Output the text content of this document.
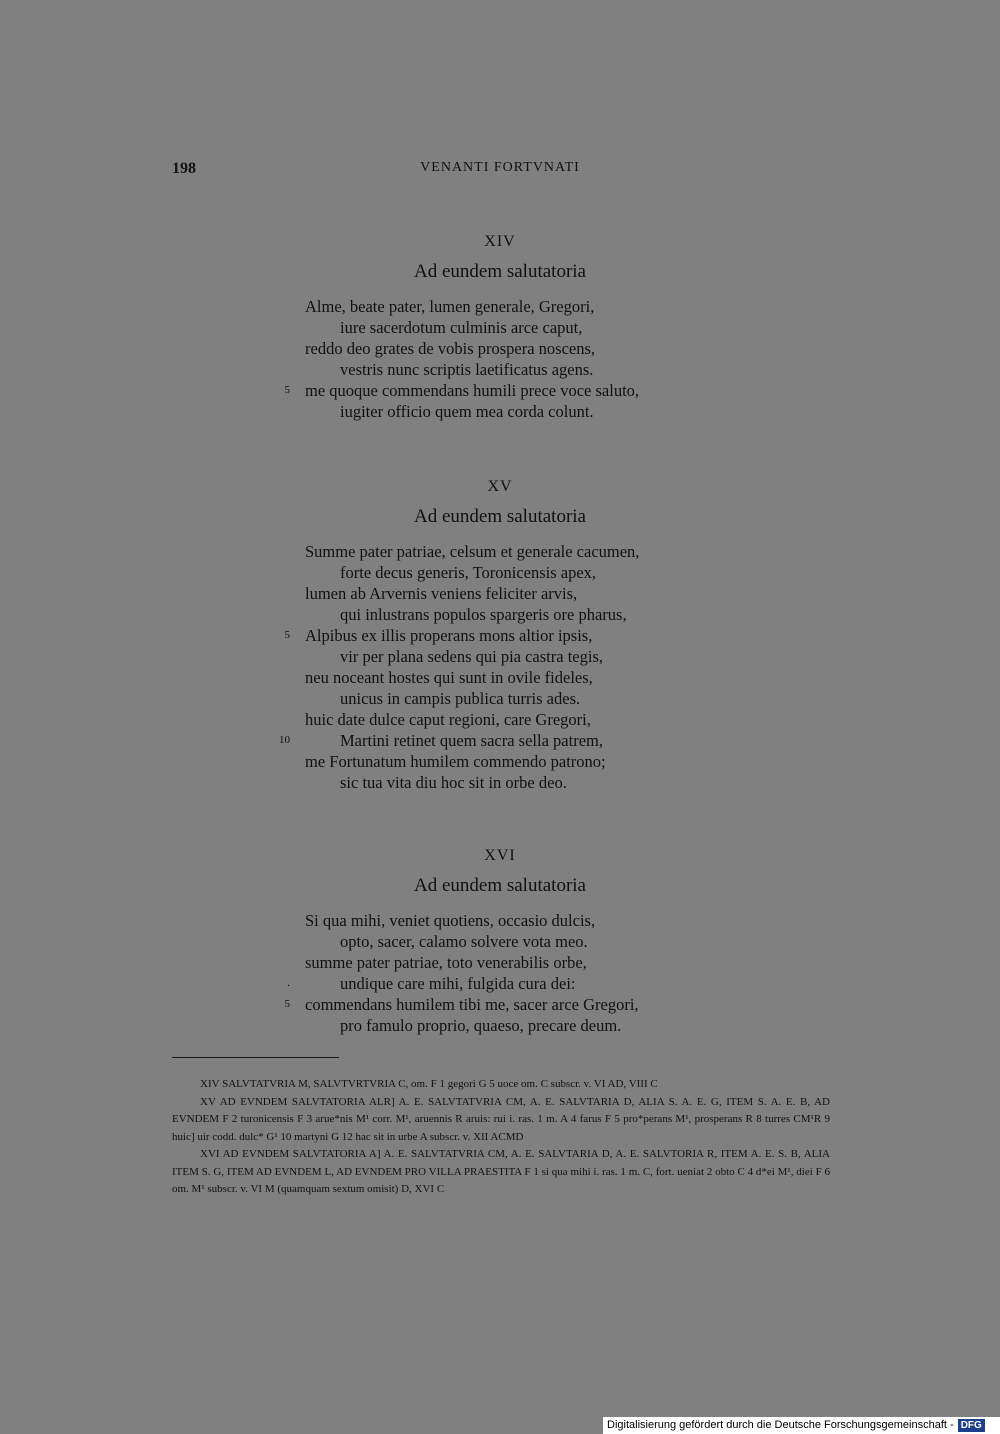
198	VENANTI FORTVNATI
XIV
Ad eundem salutatoria
Alme, beate pater, lumen generale, Gregori,
iure sacerdotum culminis arce caput,
reddo deo grates de vobis prospera noscens,
vestris nunc scriptis laetificatus agens.
5 me quoque commendans humili prece voce saluto,
iugiter officio quem mea corda colunt.
XV
Ad eundem salutatoria
Summe pater patriae, celsum et generale cacumen,
forte decus generis, Toronicensis apex,
lumen ab Arvernis veniens feliciter arvis,
qui inlustrans populos spargeris ore pharus,
5 Alpibus ex illis properans mons altior ipsis,
vir per plana sedens qui pia castra tegis,
neu noceant hostes qui sunt in ovile fideles,
unicus in campis publica turris ades.
huic date dulce caput regioni, care Gregori,
10	Martini retinet quem sacra sella patrem,
me Fortunatum humilem commendo patrono;
sic tua vita diu hoc sit in orbe deo.
XVI
Ad eundem salutatoria
Si qua mihi, veniet quotiens, occasio dulcis,
opto, sacer, calamo solvere vota meo.
summe pater patriae, toto venerabilis orbe,
.	undique care mihi, fulgida cura dei:
5 commendans humilem tibi me, sacer arce Gregori,
pro famulo proprio, quaeso, precare deum.

XIV SALVTATVRIA M, SALVTVRTVRIA C, om. F 1 gegori G 5 uoce om. C subscr. v. VI AD, VIII C

XV AD EVNDEM SALVTATORIA ALR] A. E. SALVTATVRIA CM, A. E. SALVTARIA D, ALIA S. A. E. G, ITEM S. A. E. B, AD EVNDEM F 2 turonicensis F 3 arue*nis M¹ corr. M¹, aruennis R aruis: rui i. ras. 1 m. A 4 farus F 5 pro*perans M¹, prosperans R 8 turres CM¹R 9 huic] uir codd. dulc* G¹ 10 martyni G 12 hac sit in urbe A subscr. v. XII ACMD

XVI AD EVNDEM SALVTATORIA A] A. E. SALVTATVRIA CM, A. E. SALVTARIA D, A. E. SALVTORIA R, ITEM A. E. S. B, ALIA ITEM S. G, ITEM AD EVNDEM L, AD EVNDEM PRO VILLA PRAESTITA F 1 si qua mihi i. ras. 1 m. C, fort. ueniat 2 obto C 4 d*ei M¹, diei F 6 om. M¹ subscr. v. VI M (quamquam sextum omisit) D, XVI C

Digitalisierung gefördert durch die Deutsche Forschungsgemeinschaft - DFG
